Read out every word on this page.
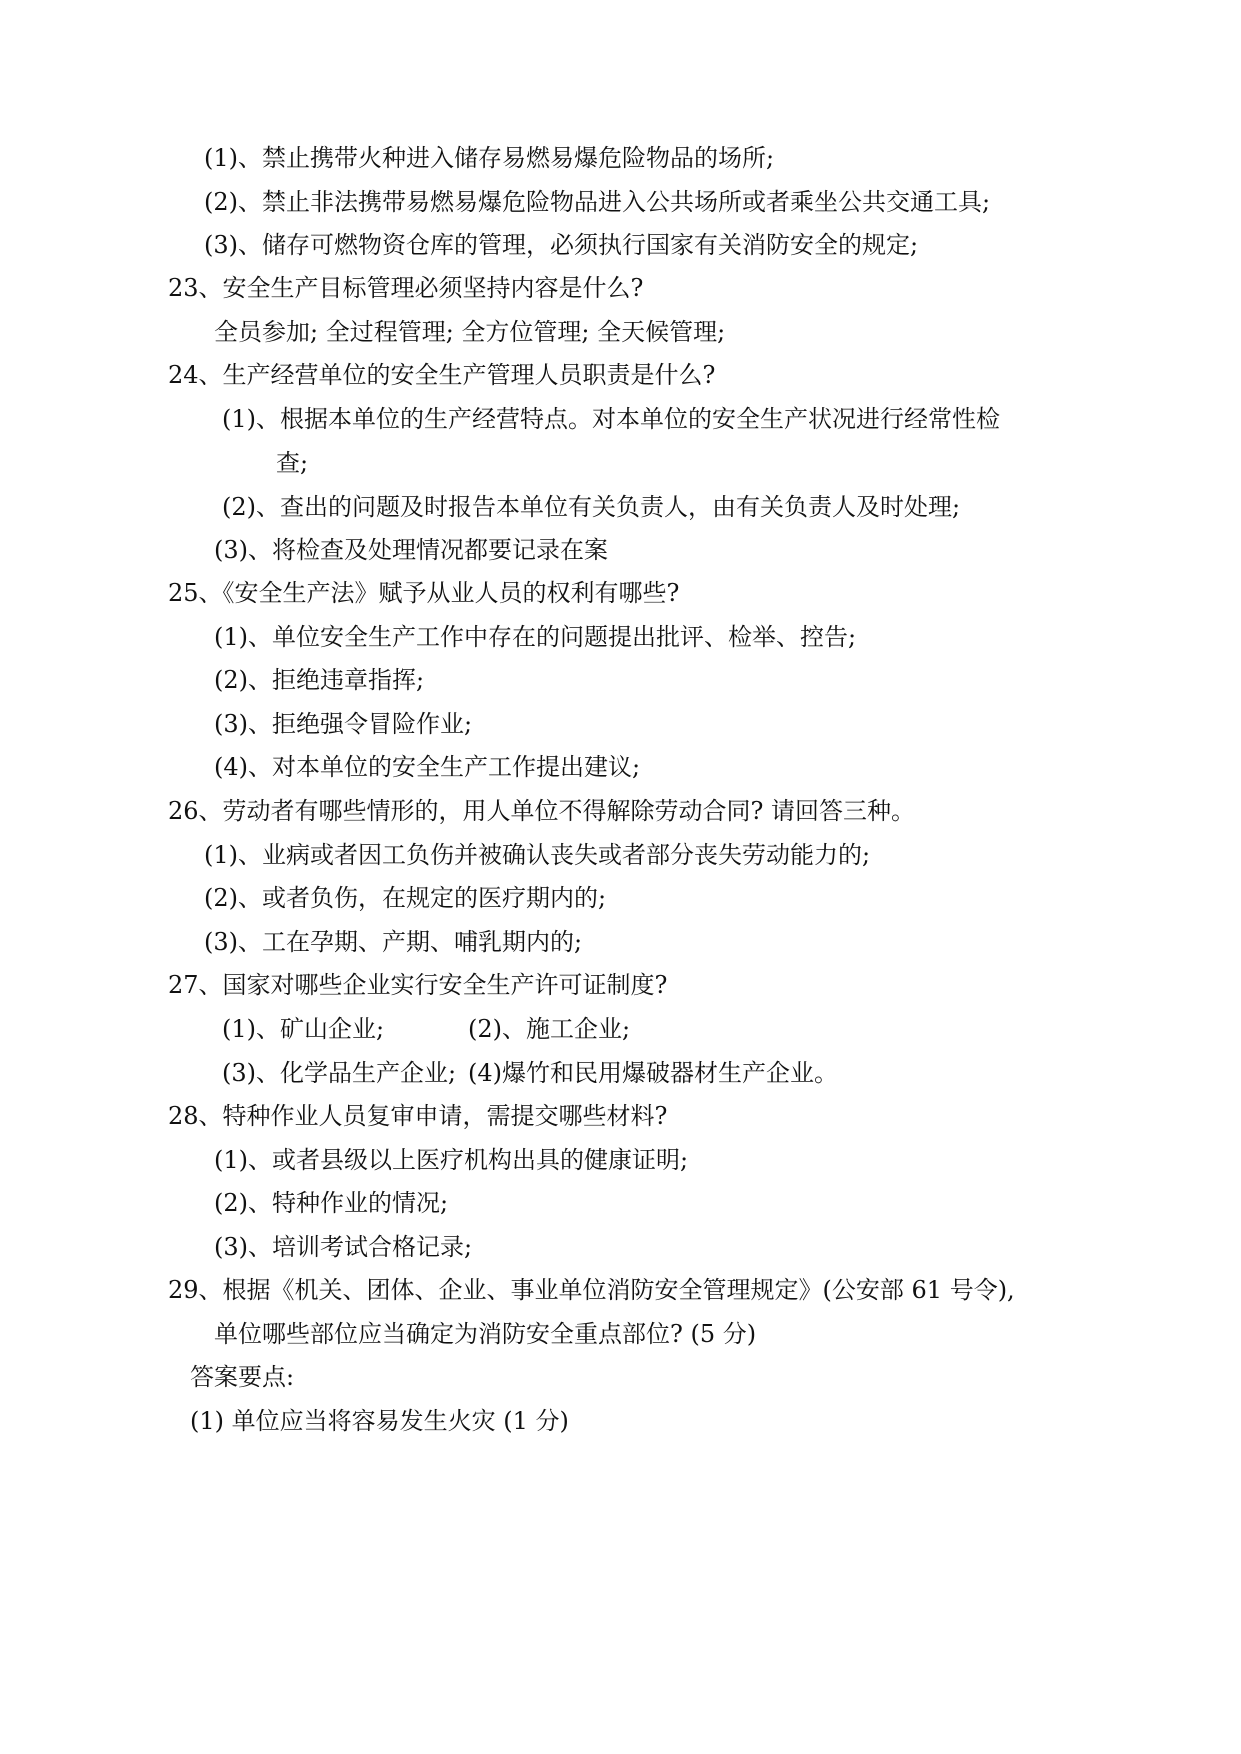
(1)、禁止携带火种进入储存易燃易爆危险物品的场所;
(2)、禁止非法携带易燃易爆危险物品进入公共场所或者乘坐公共交通工具;
(3)、储存可燃物资仓库的管理，必须执行国家有关消防安全的规定;
23、安全生产目标管理必须坚持内容是什么?
全员参加; 全过程管理; 全方位管理; 全天候管理;
24、生产经营单位的安全生产管理人员职责是什么?
(1)、根据本单位的生产经营特点。对本单位的安全生产状况进行经常性检
查;
(2)、查出的问题及时报告本单位有关负责人，由有关负责人及时处理;
(3)、将检查及处理情况都要记录在案
25、《安全生产法》赋予从业人员的权利有哪些?
(1)、单位安全生产工作中存在的问题提出批评、检举、控告;
(2)、拒绝违章指挥;
(3)、拒绝强令冒险作业;
(4)、对本单位的安全生产工作提出建议;
26、劳动者有哪些情形的，用人单位不得解除劳动合同? 请回答三种。
(1)、业病或者因工负伤并被确认丧失或者部分丧失劳动能力的;
(2)、或者负伤，在规定的医疗期内的;
(3)、工在孕期、产期、哺乳期内的;
27、国家对哪些企业实行安全生产许可证制度?
(1)、矿山企业;	(2)、施工企业;
(3)、化学品生产企业; (4)爆竹和民用爆破器材生产企业。
28、特种作业人员复审申请，需提交哪些材料?
(1)、或者县级以上医疗机构出具的健康证明;
(2)、特种作业的情况;
(3)、培训考试合格记录;
29、根据《机关、团体、企业、事业单位消防安全管理规定》(公安部 61 号令),
单位哪些部位应当确定为消防安全重点部位? (5 分)
答案要点:
(1) 单位应当将容易发生火灾 (1 分)
